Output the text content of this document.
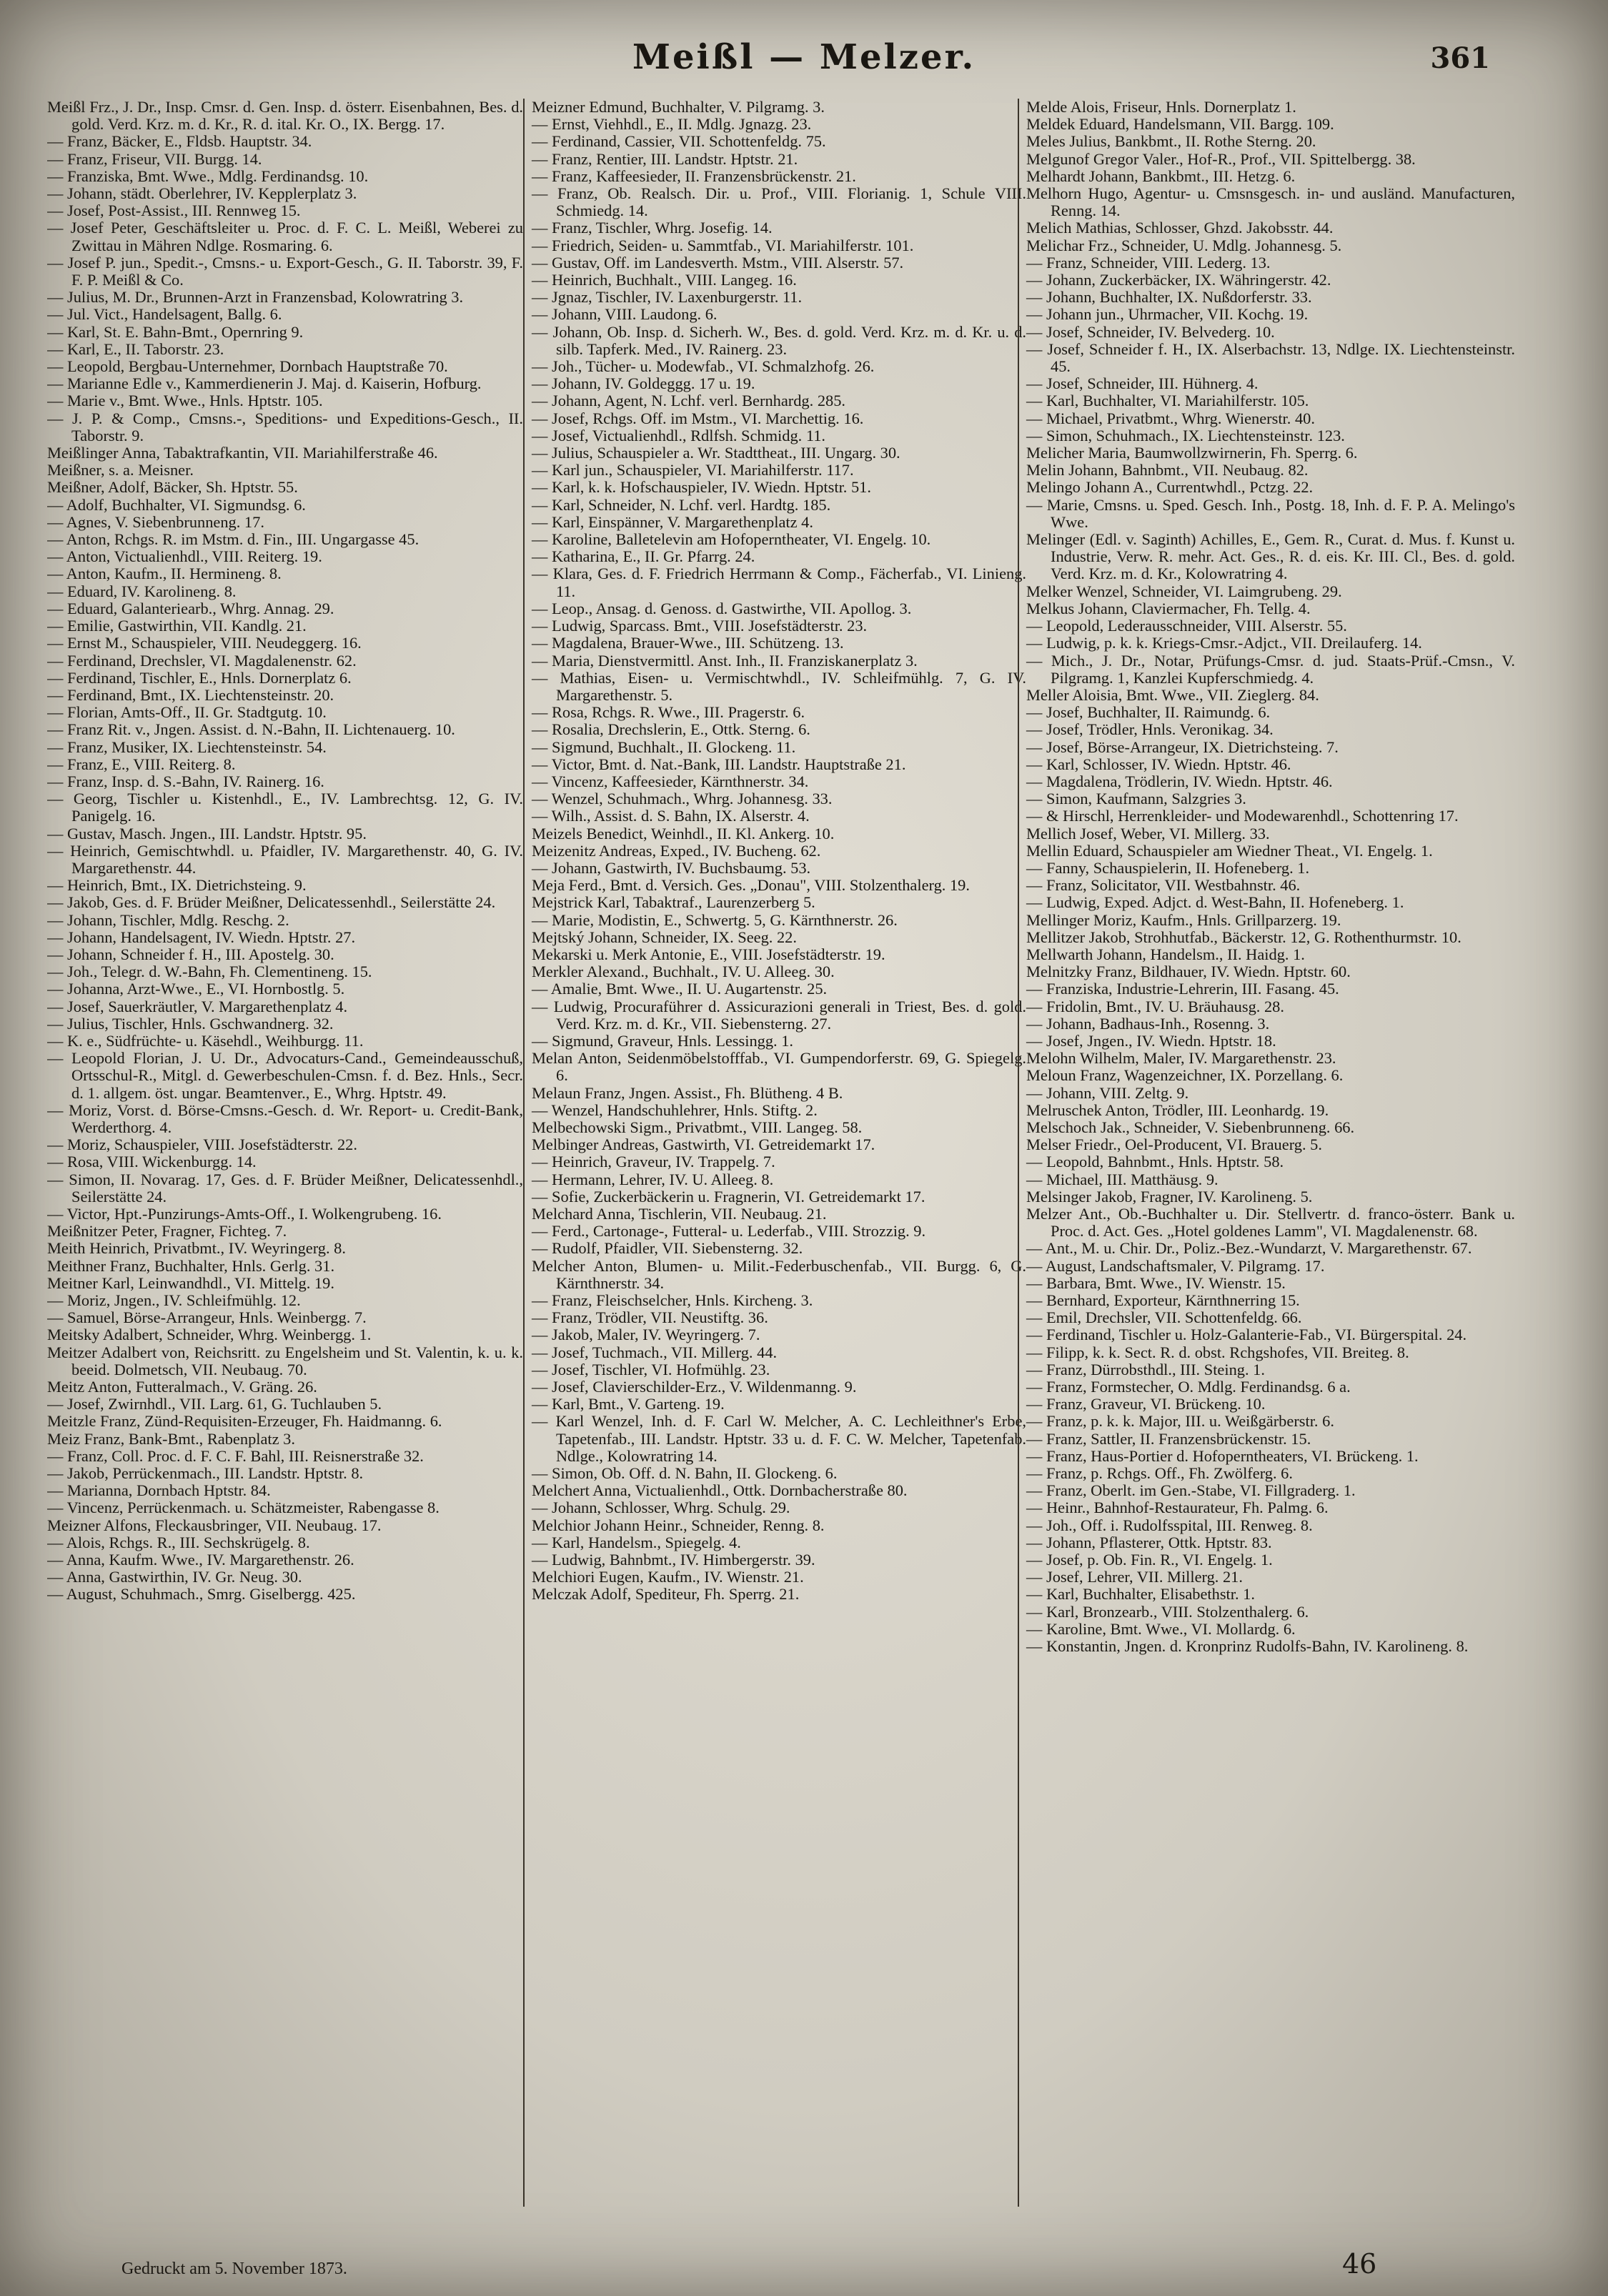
Meißl — Melzer.	361

Meißl Frz., J. Dr., Insp. Cmsr. d. Gen. Insp. d. österr. Eisenbahnen, Bes. d. gold. Verd. Krz. m. d. Kr., R. d. ital. Kr. O., IX. Bergg. 17.

— Franz, Bäcker, E., Fldsb. Hauptstr. 34.

— Franz, Friseur, VII. Burgg. 14.

— Franziska, Bmt. Wwe., Mdlg. Ferdinandsg. 10.

— Johann, städt. Oberlehrer, IV. Kepplerplatz 3.

— Josef, Post-Assist., III. Rennweg 15.

— Josef Peter, Geschäftsleiter u. Proc. d. F. C. L. Meißl, Weberei zu Zwittau in Mähren Ndlge. Rosmaring. 6.

— Josef P. jun., Spedit.-, Cmsns.- u. Export-Gesch., G. II. Taborstr. 39, F. F. P. Meißl & Co.

— Julius, M. Dr., Brunnen-Arzt in Franzensbad, Kolowratring 3.

— Jul. Vict., Handelsagent, Ballg. 6.

— Karl, St. E. Bahn-Bmt., Opernring 9.

— Karl, E., II. Taborstr. 23.

— Leopold, Bergbau-Unternehmer, Dornbach Hauptstraße 70.

— Marianne Edle v., Kammerdienerin J. Maj. d. Kaiserin, Hofburg.

— Marie v., Bmt. Wwe., Hnls. Hptstr. 105.

— J. P. & Comp., Cmsns.-, Speditions- und Expeditions-Gesch., II. Taborstr. 9.

Meißlinger Anna, Tabaktrafkantin, VII. Mariahilferstraße 46.

Meißner, s. a. Meisner.

Meißner, Adolf, Bäcker, Sh. Hptstr. 55.

— Adolf, Buchhalter, VI. Sigmundsg. 6.

— Agnes, V. Siebenbrunneng. 17.

— Anton, Rchgs. R. im Mstm. d. Fin., III. Ungargasse 45.

— Anton, Victualienhdl., VIII. Reiterg. 19.

— Anton, Kaufm., II. Hermineng. 8.

— Eduard, IV. Karolineng. 8.

— Eduard, Galanteriearb., Whrg. Annag. 29.

— Emilie, Gastwirthin, VII. Kandlg. 21.

— Ernst M., Schauspieler, VIII. Neudeggerg. 16.

— Ferdinand, Drechsler, VI. Magdalenenstr. 62.

— Ferdinand, Tischler, E., Hnls. Dornerplatz 6.

— Ferdinand, Bmt., IX. Liechtensteinstr. 20.

— Florian, Amts-Off., II. Gr. Stadtgutg. 10.

— Franz Rit. v., Jngen. Assist. d. N.-Bahn, II. Lichtenauerg. 10.

— Franz, Musiker, IX. Liechtensteinstr. 54.

— Franz, E., VIII. Reiterg. 8.

— Franz, Insp. d. S.-Bahn, IV. Rainerg. 16.

— Georg, Tischler u. Kistenhdl., E., IV. Lambrechtsg. 12, G. IV. Panigelg. 16.

— Gustav, Masch. Jngen., III. Landstr. Hptstr. 95.

— Heinrich, Gemischtwhdl. u. Pfaidler, IV. Margarethenstr. 40, G. IV. Margarethenstr. 44.

— Heinrich, Bmt., IX. Dietrichsteing. 9.

— Jakob, Ges. d. F. Brüder Meißner, Delicatessenhdl., Seilerstätte 24.

— Johann, Tischler, Mdlg. Reschg. 2.

— Johann, Handelsagent, IV. Wiedn. Hptstr. 27.

— Johann, Schneider f. H., III. Apostelg. 30.

— Joh., Telegr. d. W.-Bahn, Fh. Clementineng. 15.

— Johanna, Arzt-Wwe., E., VI. Hornbostlg. 5.

— Josef, Sauerkräutler, V. Margarethenplatz 4.

— Julius, Tischler, Hnls. Gschwandnerg. 32.

— K. e., Südfrüchte- u. Käsehdl., Weihburgg. 11.

— Leopold Florian, J. U. Dr., Advocaturs-Cand., Gemeindeausschuß, Ortsschul-R., Mitgl. d. Gewerbeschulen-Cmsn. f. d. Bez. Hnls., Secr. d. 1. allgem. öst. ungar. Beamtenver., E., Whrg. Hptstr. 49.

— Moriz, Vorst. d. Börse-Cmsns.-Gesch. d. Wr. Report- u. Credit-Bank, Werderthorg. 4.

— Moriz, Schauspieler, VIII. Josefstädterstr. 22.

— Rosa, VIII. Wickenburgg. 14.

— Simon, II. Novarag. 17, Ges. d. F. Brüder Meißner, Delicatessenhdl., Seilerstätte 24.

— Victor, Hpt.-Punzirungs-Amts-Off., I. Wolkengrubeng. 16.

Meißnitzer Peter, Fragner, Fichteg. 7.

Meith Heinrich, Privatbmt., IV. Weyringerg. 8.

Meithner Franz, Buchhalter, Hnls. Gerlg. 31.

Meitner Karl, Leinwandhdl., VI. Mittelg. 19.

— Moriz, Jngen., IV. Schleifmühlg. 12.

— Samuel, Börse-Arrangeur, Hnls. Weinbergg. 7.

Meitsky Adalbert, Schneider, Whrg. Weinbergg. 1.

Meitzer Adalbert von, Reichsritt. zu Engelsheim und St. Valentin, k. u. k. beeid. Dolmetsch, VII. Neubaug. 70.

Meitz Anton, Futteralmach., V. Gräng. 26.

— Josef, Zwirnhdl., VII. Larg. 61, G. Tuchlauben 5.

Meitzle Franz, Zünd-Requisiten-Erzeuger, Fh. Haidmanng. 6.

Meiz Franz, Bank-Bmt., Rabenplatz 3.

— Franz, Coll. Proc. d. F. C. F. Bahl, III. Reisnerstraße 32.

— Jakob, Perrückenmach., III. Landstr. Hptstr. 8.

— Marianna, Dornbach Hptstr. 84.

— Vincenz, Perrückenmach. u. Schätzmeister, Rabengasse 8.

Meizner Alfons, Fleckausbringer, VII. Neubaug. 17.

— Alois, Rchgs. R., III. Sechskrügelg. 8.

— Anna, Kaufm. Wwe., IV. Margarethenstr. 26.

— Anna, Gastwirthin, IV. Gr. Neug. 30.

— August, Schuhmach., Smrg. Giselbergg. 425.

Meizner Edmund, Buchhalter, V. Pilgramg. 3.

— Ernst, Viehhdl., E., II. Mdlg. Jgnazg. 23.

— Ferdinand, Cassier, VII. Schottenfeldg. 75.

— Franz, Rentier, III. Landstr. Hptstr. 21.

— Franz, Kaffeesieder, II. Franzensbrückenstr. 21.

— Franz, Ob. Realsch. Dir. u. Prof., VIII. Florianig. 1, Schule VIII. Schmiedg. 14.

— Franz, Tischler, Whrg. Josefig. 14.

— Friedrich, Seiden- u. Sammtfab., VI. Mariahilferstr. 101.

— Gustav, Off. im Landesverth. Mstm., VIII. Alserstr. 57.

— Heinrich, Buchhalt., VIII. Langeg. 16.

— Jgnaz, Tischler, IV. Laxenburgerstr. 11.

— Johann, VIII. Laudong. 6.

— Johann, Ob. Insp. d. Sicherh. W., Bes. d. gold. Verd. Krz. m. d. Kr. u. d. silb. Tapferk. Med., IV. Rainerg. 23.

— Joh., Tücher- u. Modewfab., VI. Schmalzhofg. 26.

— Johann, IV. Goldeggg. 17 u. 19.

— Johann, Agent, N. Lchf. verl. Bernhardg. 285.

— Josef, Rchgs. Off. im Mstm., VI. Marchettig. 16.

— Josef, Victualienhdl., Rdlfsh. Schmidg. 11.

— Julius, Schauspieler a. Wr. Stadttheat., III. Ungarg. 30.

— Karl jun., Schauspieler, VI. Mariahilferstr. 117.

— Karl, k. k. Hofschauspieler, IV. Wiedn. Hptstr. 51.

— Karl, Schneider, N. Lchf. verl. Hardtg. 185.

— Karl, Einspänner, V. Margarethenplatz 4.

— Karoline, Balletelevin am Hofoperntheater, VI. Engelg. 10.

— Katharina, E., II. Gr. Pfarrg. 24.

— Klara, Ges. d. F. Friedrich Herrmann & Comp., Fächerfab., VI. Linieng. 11.

— Leop., Ansag. d. Genoss. d. Gastwirthe, VII. Apollog. 3.

— Ludwig, Sparcass. Bmt., VIII. Josefstädterstr. 23.

— Magdalena, Brauer-Wwe., III. Schützeng. 13.

— Maria, Dienstvermittl. Anst. Inh., II. Franziskanerplatz 3.

— Mathias, Eisen- u. Vermischtwhdl., IV. Schleifmühlg. 7, G. IV. Margarethenstr. 5.

— Rosa, Rchgs. R. Wwe., III. Pragerstr. 6.

— Rosalia, Drechslerin, E., Ottk. Sterng. 6.

— Sigmund, Buchhalt., II. Glockeng. 11.

— Victor, Bmt. d. Nat.-Bank, III. Landstr. Hauptstraße 21.

— Vincenz, Kaffeesieder, Kärnthnerstr. 34.

— Wenzel, Schuhmach., Whrg. Johannesg. 33.

— Wilh., Assist. d. S. Bahn, IX. Alserstr. 4.

Meizels Benedict, Weinhdl., II. Kl. Ankerg. 10.

Meizenitz Andreas, Exped., IV. Bucheng. 62.

— Johann, Gastwirth, IV. Buchsbaumg. 53.

Meja Ferd., Bmt. d. Versich. Ges. „Donau", VIII. Stolzenthalerg. 19.

Mejstrick Karl, Tabaktraf., Laurenzerberg 5.

— Marie, Modistin, E., Schwertg. 5, G. Kärnthnerstr. 26.

Mejtský Johann, Schneider, IX. Seeg. 22.

Mekarski u. Merk Antonie, E., VIII. Josefstädterstr. 19.

Merkler Alexand., Buchhalt., IV. U. Alleeg. 30.

— Amalie, Bmt. Wwe., II. U. Augartenstr. 25.

— Ludwig, Procuraführer d. Assicurazioni generali in Triest, Bes. d. gold. Verd. Krz. m. d. Kr., VII. Siebensterng. 27.

— Sigmund, Graveur, Hnls. Lessingg. 1.

Melan Anton, Seidenmöbelstofffab., VI. Gumpendorferstr. 69, G. Spiegelg. 6.

Melaun Franz, Jngen. Assist., Fh. Blütheng. 4 B.

— Wenzel, Handschuhlehrer, Hnls. Stiftg. 2.

Melbechowski Sigm., Privatbmt., VIII. Langeg. 58.

Melbinger Andreas, Gastwirth, VI. Getreidemarkt 17.

— Heinrich, Graveur, IV. Trappelg. 7.

— Hermann, Lehrer, IV. U. Alleeg. 8.

— Sofie, Zuckerbäckerin u. Fragnerin, VI. Getreidemarkt 17.

Melchard Anna, Tischlerin, VII. Neubaug. 21.

— Ferd., Cartonage-, Futteral- u. Lederfab., VIII. Strozzig. 9.

— Rudolf, Pfaidler, VII. Siebensterng. 32.

Melcher Anton, Blumen- u. Milit.-Federbuschenfab., VII. Burgg. 6, G. Kärnthnerstr. 34.

— Franz, Fleischselcher, Hnls. Kircheng. 3.

— Franz, Trödler, VII. Neustiftg. 36.

— Jakob, Maler, IV. Weyringerg. 7.

— Josef, Tuchmach., VII. Millerg. 44.

— Josef, Tischler, VI. Hofmühlg. 23.

— Josef, Clavierschilder-Erz., V. Wildenmanng. 9.

— Karl, Bmt., V. Garteng. 19.

— Karl Wenzel, Inh. d. F. Carl W. Melcher, A. C. Lechleithner's Erbe, Tapetenfab., III. Landstr. Hptstr. 33 u. d. F. C. W. Melcher, Tapetenfab. Ndlge., Kolowratring 14.

— Simon, Ob. Off. d. N. Bahn, II. Glockeng. 6.

Melchert Anna, Victualienhdl., Ottk. Dornbacherstraße 80.

— Johann, Schlosser, Whrg. Schulg. 29.

Melchior Johann Heinr., Schneider, Renng. 8.

— Karl, Handelsm., Spiegelg. 4.

— Ludwig, Bahnbmt., IV. Himbergerstr. 39.

Melchiori Eugen, Kaufm., IV. Wienstr. 21.

Melczak Adolf, Spediteur, Fh. Sperrg. 21.

Melde Alois, Friseur, Hnls. Dornerplatz 1.

Meldek Eduard, Handelsmann, VII. Bargg. 109.

Meles Julius, Bankbmt., II. Rothe Sterng. 20.

Melgunof Gregor Valer., Hof-R., Prof., VII. Spittelbergg. 38.

Melhardt Johann, Bankbmt., III. Hetzg. 6.

Melhorn Hugo, Agentur- u. Cmsnsgesch. in- und ausländ. Manufacturen, Renng. 14.

Melich Mathias, Schlosser, Ghzd. Jakobsstr. 44.

Melichar Frz., Schneider, U. Mdlg. Johannesg. 5.

— Franz, Schneider, VIII. Lederg. 13.

— Johann, Zuckerbäcker, IX. Währingerstr. 42.

— Johann, Buchhalter, IX. Nußdorferstr. 33.

— Johann jun., Uhrmacher, VII. Kochg. 19.

— Josef, Schneider, IV. Belvederg. 10.

— Josef, Schneider f. H., IX. Alserbachstr. 13, Ndlge. IX. Liechtensteinstr. 45.

— Josef, Schneider, III. Hühnerg. 4.

— Karl, Buchhalter, VI. Mariahilferstr. 105.

— Michael, Privatbmt., Whrg. Wienerstr. 40.

— Simon, Schuhmach., IX. Liechtensteinstr. 123.

Melicher Maria, Baumwollzwirnerin, Fh. Sperrg. 6.

Melin Johann, Bahnbmt., VII. Neubaug. 82.

Melingo Johann A., Currentwhdl., Pctzg. 22.

— Marie, Cmsns. u. Sped. Gesch. Inh., Postg. 18, Inh. d. F. P. A. Melingo's Wwe.

Melinger (Edl. v. Saginth) Achilles, E., Gem. R., Curat. d. Mus. f. Kunst u. Industrie, Verw. R. mehr. Act. Ges., R. d. eis. Kr. III. Cl., Bes. d. gold. Verd. Krz. m. d. Kr., Kolowratring 4.

Melker Wenzel, Schneider, VI. Laimgrubeng. 29.

Melkus Johann, Claviermacher, Fh. Tellg. 4.

— Leopold, Lederausschneider, VIII. Alserstr. 55.

— Ludwig, p. k. k. Kriegs-Cmsr.-Adjct., VII. Dreilauferg. 14.

— Mich., J. Dr., Notar, Prüfungs-Cmsr. d. jud. Staats-Prüf.-Cmsn., V. Pilgramg. 1, Kanzlei Kupferschmiedg. 4.

Meller Aloisia, Bmt. Wwe., VII. Zieglerg. 84.

— Josef, Buchhalter, II. Raimundg. 6.

— Josef, Trödler, Hnls. Veronikag. 34.

— Josef, Börse-Arrangeur, IX. Dietrichsteing. 7.

— Karl, Schlosser, IV. Wiedn. Hptstr. 46.

— Magdalena, Trödlerin, IV. Wiedn. Hptstr. 46.

— Simon, Kaufmann, Salzgries 3.

— & Hirschl, Herrenkleider- und Modewarenhdl., Schottenring 17.

Mellich Josef, Weber, VI. Millerg. 33.

Mellin Eduard, Schauspieler am Wiedner Theat., VI. Engelg. 1.

— Fanny, Schauspielerin, II. Hofeneberg. 1.

— Franz, Solicitator, VII. Westbahnstr. 46.

— Ludwig, Exped. Adjct. d. West-Bahn, II. Hofeneberg. 1.

Mellinger Moriz, Kaufm., Hnls. Grillparzerg. 19.

Mellitzer Jakob, Strohhutfab., Bäckerstr. 12, G. Rothenthurmstr. 10.

Mellwarth Johann, Handelsm., II. Haidg. 1.

Melnitzky Franz, Bildhauer, IV. Wiedn. Hptstr. 60.

— Franziska, Industrie-Lehrerin, III. Fasang. 45.

— Fridolin, Bmt., IV. U. Bräuhausg. 28.

— Johann, Badhaus-Inh., Rosenng. 3.

— Josef, Jngen., IV. Wiedn. Hptstr. 18.

Melohn Wilhelm, Maler, IV. Margarethenstr. 23.

Meloun Franz, Wagenzeichner, IX. Porzellang. 6.

— Johann, VIII. Zeltg. 9.

Melruschek Anton, Trödler, III. Leonhardg. 19.

Melschoch Jak., Schneider, V. Siebenbrunneng. 66.

Melser Friedr., Oel-Producent, VI. Brauerg. 5.

— Leopold, Bahnbmt., Hnls. Hptstr. 58.

— Michael, III. Matthäusg. 9.

Melsinger Jakob, Fragner, IV. Karolineng. 5.

Melzer Ant., Ob.-Buchhalter u. Dir. Stellvertr. d. franco-österr. Bank u. Proc. d. Act. Ges. „Hotel goldenes Lamm", VI. Magdalenenstr. 68.

— Ant., M. u. Chir. Dr., Poliz.-Bez.-Wundarzt, V. Margarethenstr. 67.

— August, Landschaftsmaler, V. Pilgramg. 17.

— Barbara, Bmt. Wwe., IV. Wienstr. 15.

— Bernhard, Exporteur, Kärnthnerring 15.

— Emil, Drechsler, VII. Schottenfeldg. 66.

— Ferdinand, Tischler u. Holz-Galanterie-Fab., VI. Bürgerspital. 24.

— Filipp, k. k. Sect. R. d. obst. Rchgshofes, VII. Breiteg. 8.

— Franz, Dürrobsthdl., III. Steing. 1.

— Franz, Formstecher, O. Mdlg. Ferdinandsg. 6 a.

— Franz, Graveur, VI. Brückeng. 10.

— Franz, p. k. k. Major, III. u. Weißgärberstr. 6.

— Franz, Sattler, II. Franzensbrückenstr. 15.

— Franz, Haus-Portier d. Hofoperntheaters, VI. Brückeng. 1.

— Franz, p. Rchgs. Off., Fh. Zwölferg. 6.

— Franz, Oberlt. im Gen.-Stabe, VI. Fillgraderg. 1.

— Heinr., Bahnhof-Restaurateur, Fh. Palmg. 6.

— Joh., Off. i. Rudolfsspital, III. Renweg. 8.

— Johann, Pflasterer, Ottk. Hptstr. 83.

— Josef, p. Ob. Fin. R., VI. Engelg. 1.

— Josef, Lehrer, VII. Millerg. 21.

— Karl, Buchhalter, Elisabethstr. 1.

— Karl, Bronzearb., VIII. Stolzenthalerg. 6.

— Karoline, Bmt. Wwe., VI. Mollardg. 6.

— Konstantin, Jngen. d. Kronprinz Rudolfs-Bahn, IV. Karolineng. 8.

Gedruckt am 5. November 1873.	46
